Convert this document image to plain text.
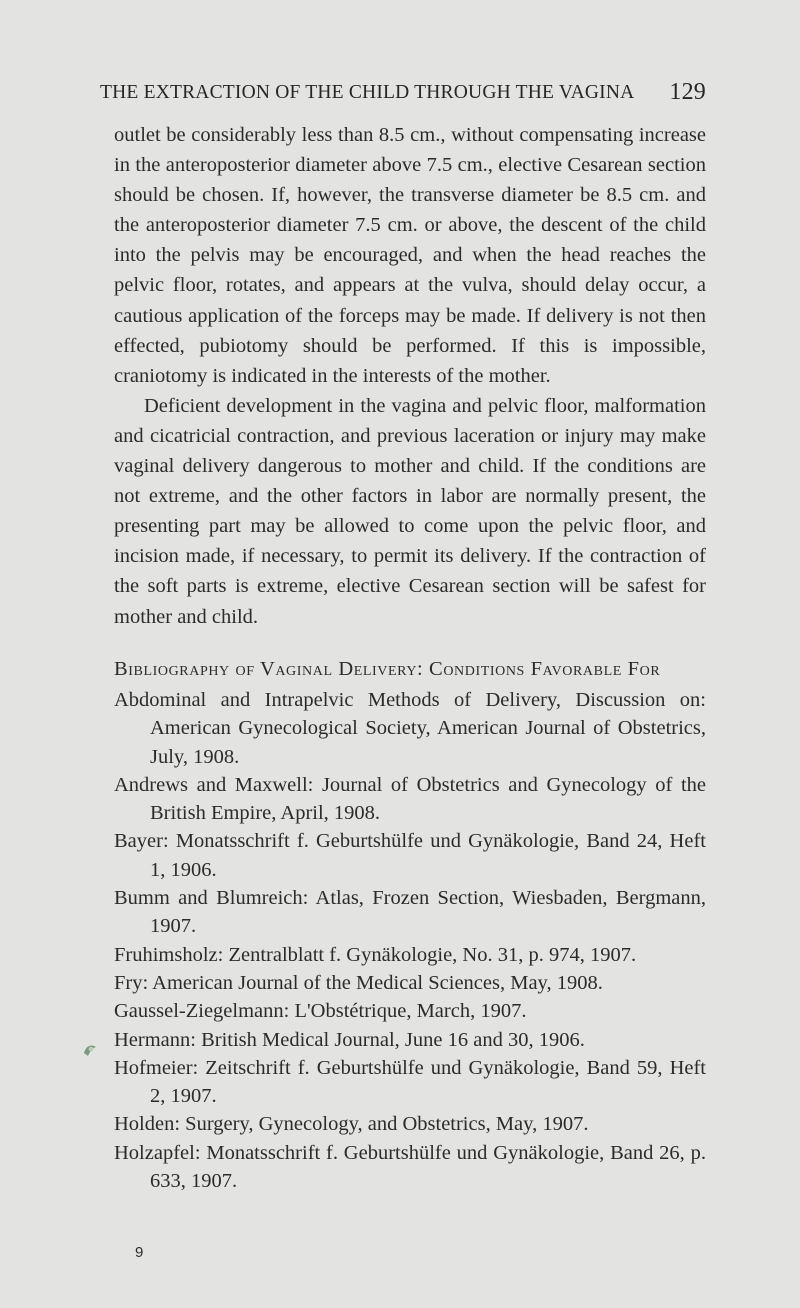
THE EXTRACTION OF THE CHILD THROUGH THE VAGINA 129

outlet be considerably less than 8.5 cm., without compensating increase in the anteroposterior diameter above 7.5 cm., elective Cesarean section should be chosen. If, however, the transverse diameter be 8.5 cm. and the anteroposterior diameter 7.5 cm. or above, the descent of the child into the pelvis may be encouraged, and when the head reaches the pelvic floor, rotates, and appears at the vulva, should delay occur, a cautious application of the forceps may be made. If delivery is not then effected, pubiotomy should be performed. If this is impossible, craniotomy is indicated in the interests of the mother.

Deficient development in the vagina and pelvic floor, malformation and cicatricial contraction, and previous laceration or injury may make vaginal delivery dangerous to mother and child. If the conditions are not extreme, and the other factors in labor are normally present, the presenting part may be allowed to come upon the pelvic floor, and incision made, if necessary, to permit its delivery. If the contraction of the soft parts is extreme, elective Cesarean section will be safest for mother and child.

Bibliography of Vaginal Delivery: Conditions Favorable For
Abdominal and Intrapelvic Methods of Delivery, Discussion on: American Gynecological Society, American Journal of Obstetrics, July, 1908.
Andrews and Maxwell: Journal of Obstetrics and Gynecology of the British Empire, April, 1908.
Bayer: Monatsschrift f. Geburtshülfe und Gynäkologie, Band 24, Heft 1, 1906.
Bumm and Blumreich: Atlas, Frozen Section, Wiesbaden, Bergmann, 1907.
Fruhimsholz: Zentralblatt f. Gynäkologie, No. 31, p. 974, 1907.
Fry: American Journal of the Medical Sciences, May, 1908.
Gaussel-Ziegelmann: L'Obstétrique, March, 1907.
Hermann: British Medical Journal, June 16 and 30, 1906.
Hofmeier: Zeitschrift f. Geburtshülfe und Gynäkologie, Band 59, Heft 2, 1907.
Holden: Surgery, Gynecology, and Obstetrics, May, 1907.
Holzapfel: Monatsschrift f. Geburtshülfe und Gynäkologie, Band 26, p. 633, 1907.
9
